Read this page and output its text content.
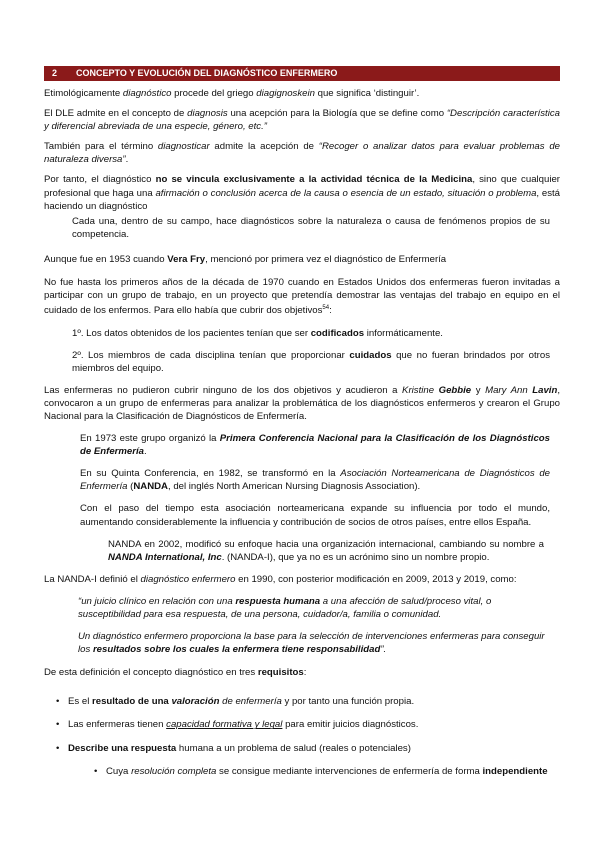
2 CONCEPTO Y EVOLUCIÓN DEL DIAGNÓSTICO ENFERMERO

Etimológicamente diagnóstico procede del griego diagignoskein que significa ‘distinguir’.

El DLE admite en el concepto de diagnosis una acepción para la Biología que se define como “Descripción característica y diferencial abreviada de una especie, género, etc.”

También para el término diagnosticar admite la acepción de “Recoger o analizar datos para evaluar problemas de naturaleza diversa”.

Por tanto, el diagnóstico no se vincula exclusivamente a la actividad técnica de la Medicina, sino que cualquier profesional que haga una afirmación o conclusión acerca de la causa o esencia de un estado, situación o problema, está haciendo un diagnóstico

Cada una, dentro de su campo, hace diagnósticos sobre la naturaleza o causa de fenómenos propios de su competencia.

Aunque fue en 1953 cuando Vera Fry, mencionó por primera vez el diagnóstico de Enfermería

No fue hasta los primeros años de la década de 1970 cuando en Estados Unidos dos enfermeras fueron invitadas a participar con un grupo de trabajo, en un proyecto que pretendía demostrar las ventajas del trabajo en equipo en el cuidado de los enfermos. Para ello había que cubrir dos objetivos$^{54}$:

1º. Los datos obtenidos de los pacientes tenían que ser codificados informáticamente.

2º. Los miembros de cada disciplina tenían que proporcionar cuidados que no fueran brindados por otros miembros del equipo.

Las enfermeras no pudieron cubrir ninguno de los dos objetivos y acudieron a Kristine Gebbie y Mary Ann Lavin, convocaron a un grupo de enfermeras para analizar la problemática de los diagnósticos enfermeros y crearon el Grupo Nacional para la Clasificación de Diagnósticos de Enfermería.

En 1973 este grupo organizó la Primera Conferencia Nacional para la Clasificación de los Diagnósticos de Enfermería.

En su Quinta Conferencia, en 1982, se transformó en la Asociación Norteamericana de Diagnósticos de Enfermería (NANDA, del inglés North American Nursing Diagnosis Association).

Con el paso del tiempo esta asociación norteamericana expande su influencia por todo el mundo, aumentando considerablemente la influencia y contribución de socios de otros países, entre ellos España.

NANDA en 2002, modificó su enfoque hacia una organización internacional, cambiando su nombre a NANDA International, Inc. (NANDA-I), que ya no es un acrónimo sino un nombre propio.

La NANDA-I definió el diagnóstico enfermero en 1990, con posterior modificación en 2009, 2013 y 2019, como:

“un juicio clínico en relación con una respuesta humana a una afección de salud/proceso vital, o susceptibilidad para esa respuesta, de una persona, cuidador/a, familia o comunidad.

Un diagnóstico enfermero proporciona la base para la selección de intervenciones enfermeras para conseguir los resultados sobre los cuales la enfermera tiene responsabilidad”.

De esta definición el concepto diagnóstico en tres requisitos:

• Es el resultado de una valoración de enfermería y por tanto una función propia.
• Las enfermeras tienen capacidad formativa y legal para emitir juicios diagnósticos.
• Describe una respuesta humana a un problema de salud (reales o potenciales)
• Cuya resolución completa se consigue mediante intervenciones de enfermería de forma independiente
